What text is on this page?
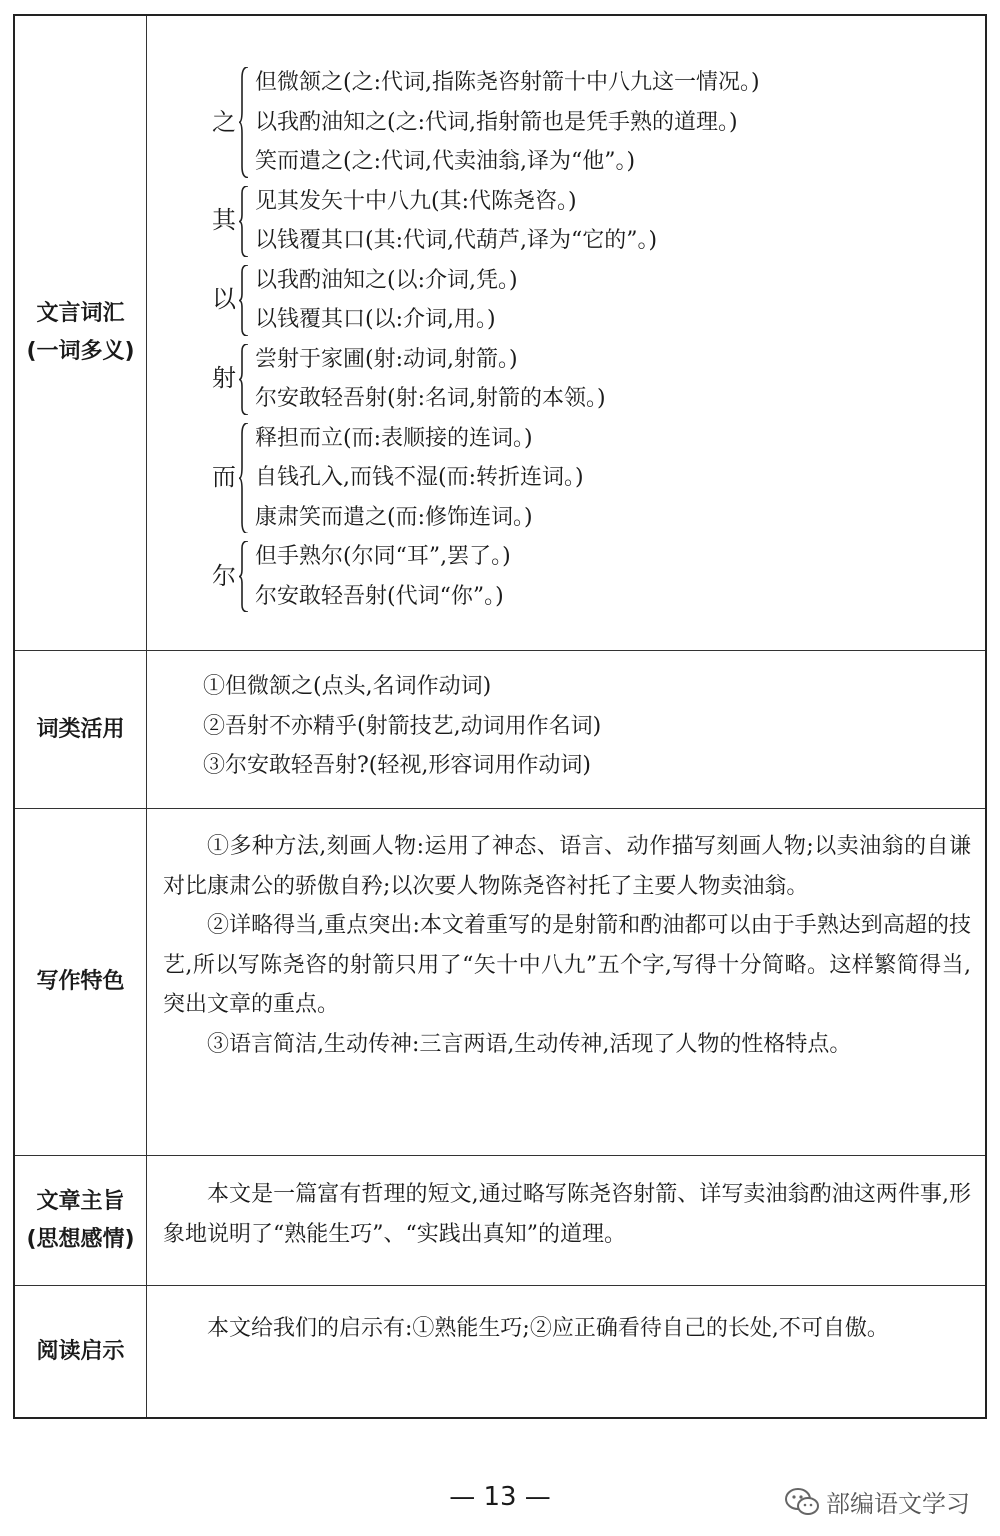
文言词汇
(一词多义)
之
但微颔之(之:代词,指陈尧咨射箭十中八九这一情况。)
以我酌油知之(之:代词,指射箭也是凭手熟的道理。)
笑而遣之(之:代词,代卖油翁,译为“他”。)
其
见其发矢十中八九(其:代陈尧咨。)
以钱覆其口(其:代词,代葫芦,译为“它的”。)
以
以我酌油知之(以:介词,凭。)
以钱覆其口(以:介词,用。)
射
尝射于家圃(射:动词,射箭。)
尔安敢轻吾射(射:名词,射箭的本领。)
而
释担而立(而:表顺接的连词。)
自钱孔入,而钱不湿(而:转折连词。)
康肃笑而遣之(而:修饰连词。)
尔
但手熟尔(尔同“耳”,罢了。)
尔安敢轻吾射(代词“你”。)
词类活用
①但微颔之(点头,名词作动词)
②吾射不亦精乎(射箭技艺,动词用作名词)
③尔安敢轻吾射?(轻视,形容词用作动词)
写作特色

①多种方法,刻画人物:运用了神态、语言、动作描写刻画人物;以卖油翁的自谦对比康肃公的骄傲自矜;以次要人物陈尧咨衬托了主要人物卖油翁。

②详略得当,重点突出:本文着重写的是射箭和酌油都可以由于手熟达到高超的技艺,所以写陈尧咨的射箭只用了“矢十中八九”五个字,写得十分简略。这样繁简得当,突出文章的重点。

③语言简洁,生动传神:三言两语,生动传神,活现了人物的性格特点。

文章主旨
(思想感情)

本文是一篇富有哲理的短文,通过略写陈尧咨射箭、详写卖油翁酌油这两件事,形象地说明了“熟能生巧”、“实践出真知”的道理。

阅读启示

本文给我们的启示有:①熟能生巧;②应正确看待自己的长处,不可自傲。

— 13 —	部编语文学习
